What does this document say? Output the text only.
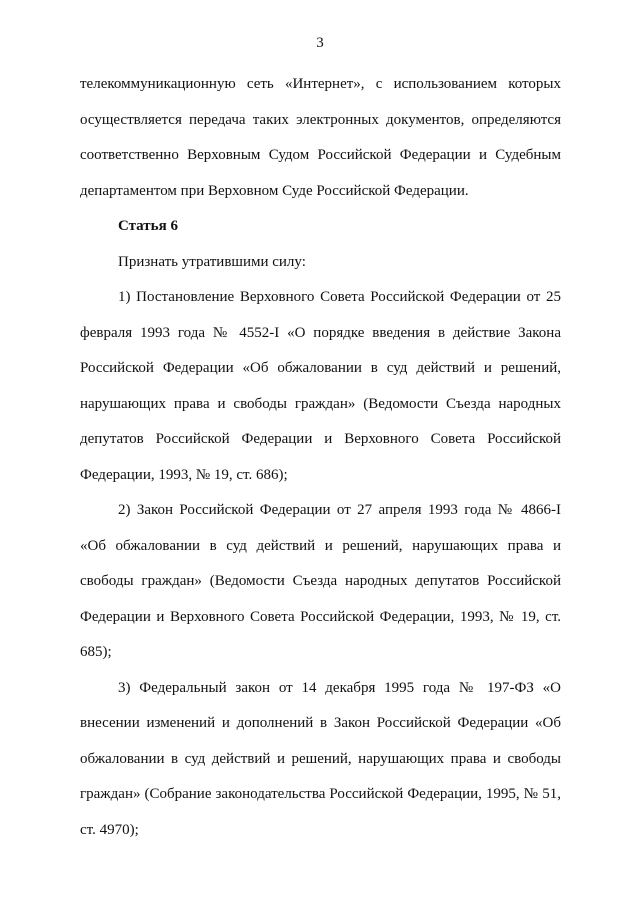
3

телекоммуникационную сеть «Интернет», с использованием которых осуществляется передача таких электронных документов, определяются соответственно Верховным Судом Российской Федерации и Судебным департаментом при Верховном Суде Российской Федерации.

Статья 6

Признать утратившими силу:

1) Постановление Верховного Совета Российской Федерации от 25 февраля 1993 года № 4552-I «О порядке введения в действие Закона Российской Федерации «Об обжаловании в суд действий и решений, нарушающих права и свободы граждан» (Ведомости Съезда народных депутатов Российской Федерации и Верховного Совета Российской Федерации, 1993, № 19, ст. 686);

2) Закон Российской Федерации от 27 апреля 1993 года № 4866-I «Об обжаловании в суд действий и решений, нарушающих права и свободы граждан» (Ведомости Съезда народных депутатов Российской Федерации и Верховного Совета Российской Федерации, 1993, № 19, ст. 685);

3) Федеральный закон от 14 декабря 1995 года № 197-ФЗ «О внесении изменений и дополнений в Закон Российской Федерации «Об обжаловании в суд действий и решений, нарушающих права и свободы граждан» (Собрание законодательства Российской Федерации, 1995, № 51, ст. 4970);
